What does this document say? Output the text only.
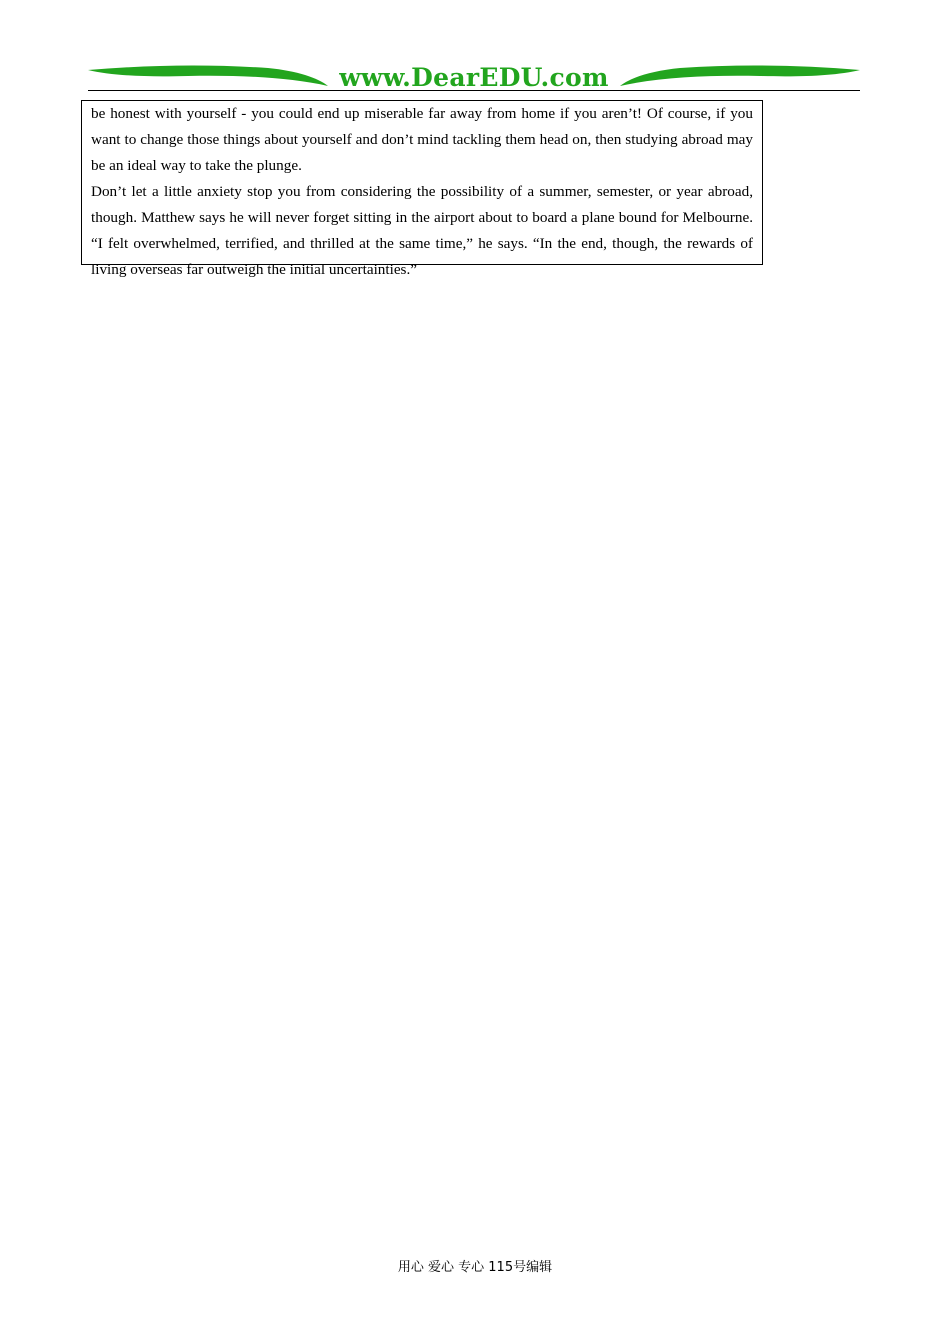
www.DearEDU.com

be honest with yourself - you could end up miserable far away from home if you aren’t! Of course, if you want to change those things about yourself and don’t mind tackling them head on, then studying abroad may be an ideal way to take the plunge.

Don’t let a little anxiety stop you from considering the possibility of a summer, semester, or year abroad, though. Matthew says he will never forget sitting in the airport about to board a plane bound for Melbourne. “I felt overwhelmed, terrified, and thrilled at the same time,” he says. “In the end, though, the rewards of living overseas far outweigh the initial uncertainties.”

用心 爱心 专心 115号编辑
